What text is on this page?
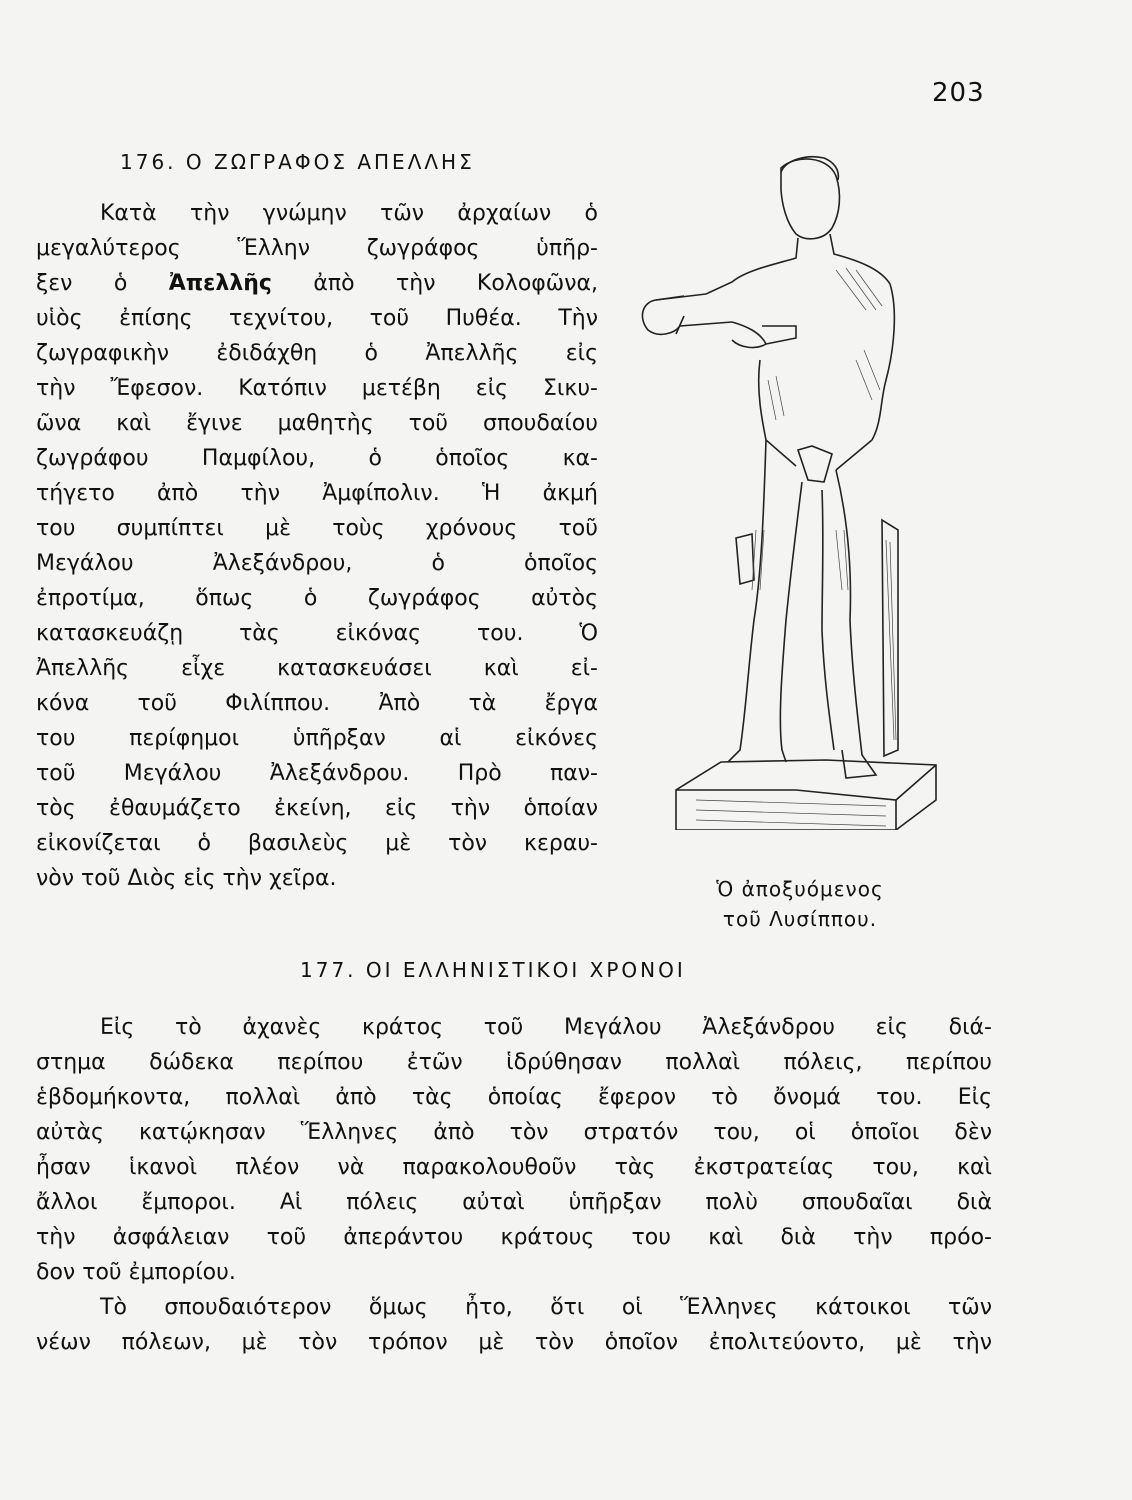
203
176. Ο ΖΩΓΡΑΦΟΣ ΑΠΕΛΛΗΣ
Κατὰ τὴν γνώμην τῶν ἀρχαίων ὁ
μεγαλύτερος Ἕλλην ζωγράφος ὑπῆρ-
ξεν ὁ Ἀπελλῆς ἀπὸ τὴν Κολοφῶνα,
υἱὸς ἐπίσης τεχνίτου, τοῦ Πυθέα. Τὴν
ζωγραφικὴν ἐδιδάχθη ὁ Ἀπελλῆς εἰς
τὴν Ἔφεσον. Κατόπιν μετέβη εἰς Σικυ-
ῶνα καὶ ἔγινε μαθητὴς τοῦ σπουδαίου
ζωγράφου Παμφίλου, ὁ ὁποῖος κα-
τήγετο ἀπὸ τὴν Ἀμφίπολιν. Ἡ ἀκμή
του συμπίπτει μὲ τοὺς χρόνους τοῦ
Μεγάλου Ἀλεξάνδρου, ὁ ὁποῖος
ἐπροτίμα, ὅπως ὁ ζωγράφος αὐτὸς
κατασκευάζῃ τὰς εἰκόνας του. Ὁ
Ἀπελλῆς εἶχε κατασκευάσει καὶ εἰ-
κόνα τοῦ Φιλίππου. Ἀπὸ τὰ ἔργα
του περίφημοι ὑπῆρξαν αἱ εἰκόνες
τοῦ Μεγάλου Ἀλεξάνδρου. Πρὸ παν-
τὸς ἐθαυμάζετο ἐκείνη, εἰς τὴν ὁποίαν
εἰκονίζεται ὁ βασιλεὺς μὲ τὸν κεραυ-
νὸν τοῦ Διὸς εἰς τὴν χεῖρα.	Ὁ ἀποξυόμενος
τοῦ Λυσίππου.
177. ΟΙ ΕΛΛΗΝΙΣΤΙΚΟΙ ΧΡΟΝΟΙ
Εἰς τὸ ἀχανὲς κράτος τοῦ Μεγάλου Ἀλεξάνδρου εἰς διά-
στημα δώδεκα περίπου ἐτῶν ἱδρύθησαν πολλαὶ πόλεις, περίπου
ἑβδομήκοντα, πολλαὶ ἀπὸ τὰς ὁποίας ἔφερον τὸ ὄνομά του. Εἰς
αὐτὰς κατῴκησαν Ἕλληνες ἀπὸ τὸν στρατόν του, οἱ ὁποῖοι δὲν
ἦσαν ἱκανοὶ πλέον νὰ παρακολουθοῦν τὰς ἐκστρατείας του, καὶ
ἄλλοι ἔμποροι. Αἱ πόλεις αὐταὶ ὑπῆρξαν πολὺ σπουδαῖαι διὰ
τὴν ἀσφάλειαν τοῦ ἀπεράντου κράτους του καὶ διὰ τὴν πρόο-
δον τοῦ ἐμπορίου.
Τὸ σπουδαιότερον ὅμως ἦτο, ὅτι οἱ Ἕλληνες κάτοικοι τῶν
νέων πόλεων, μὲ τὸν τρόπον μὲ τὸν ὁποῖον ἐπολιτεύοντο, μὲ τὴν
